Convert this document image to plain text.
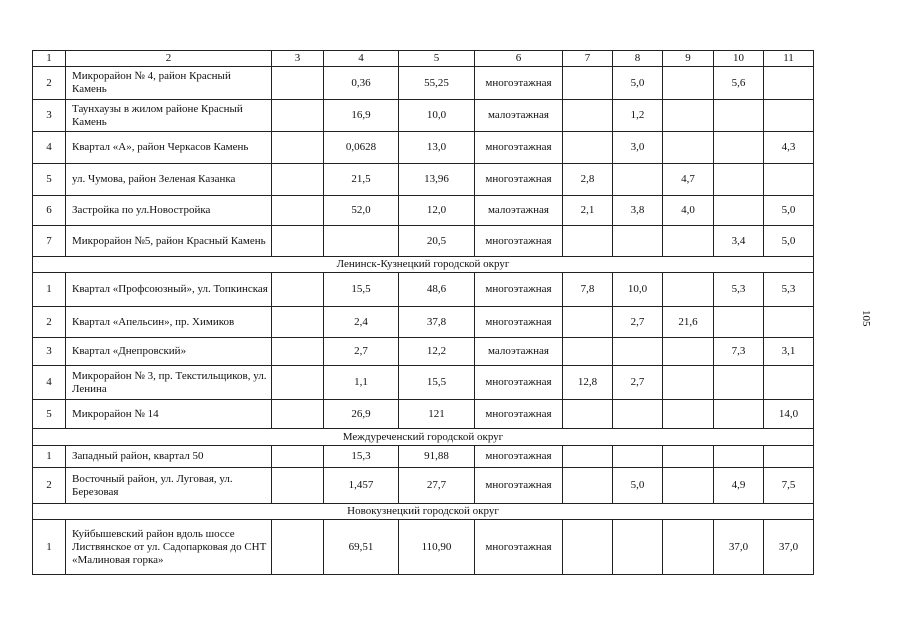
1	2	3	4	5	6	7	8	9	10	11
2	Микрорайон № 4, район Красный Камень		0,36	55,25	многоэтажная		5,0		5,6	
3	Таунхаузы в жилом районе Красный Камень		16,9	10,0	малоэтажная		1,2			
4	Квартал «А», район Черкасов Камень		0,0628	13,0	многоэтажная		3,0			4,3
5	ул. Чумова, район Зеленая Казанка		21,5	13,96	многоэтажная	2,8		4,7		
6	Застройка по ул.Новостройка		52,0	12,0	малоэтажная	2,1	3,8	4,0		5,0
7	Микрорайон №5, район Красный Камень			20,5	многоэтажная				3,4	5,0
Ленинск-Кузнецкий городской округ										
1	Квартал «Профсоюзный», ул. Топкинская		15,5	48,6	многоэтажная	7,8	10,0		5,3	5,3
2	Квартал «Апельсин», пр. Химиков		2,4	37,8	многоэтажная		2,7	21,6		
3	Квартал «Днепровский»		2,7	12,2	малоэтажная				7,3	3,1
4	Микрорайон № 3, пр. Текстильщиков, ул. Ленина		1,1	15,5	многоэтажная	12,8	2,7			
5	Микрорайон № 14		26,9	121	многоэтажная					14,0
Междуреченский городской округ										
1	Западный район, квартал 50		15,3	91,88	многоэтажная					
2	Восточный район, ул. Луговая, ул. Березовая		1,457	27,7	многоэтажная		5,0		4,9	7,5
Новокузнецкий городской округ										
1	Куйбышевский район вдоль шоссе Листвянское от ул. Садопарковая до СНТ «Малиновая горка»		69,51	110,90	многоэтажная				37,0	37,0
105
